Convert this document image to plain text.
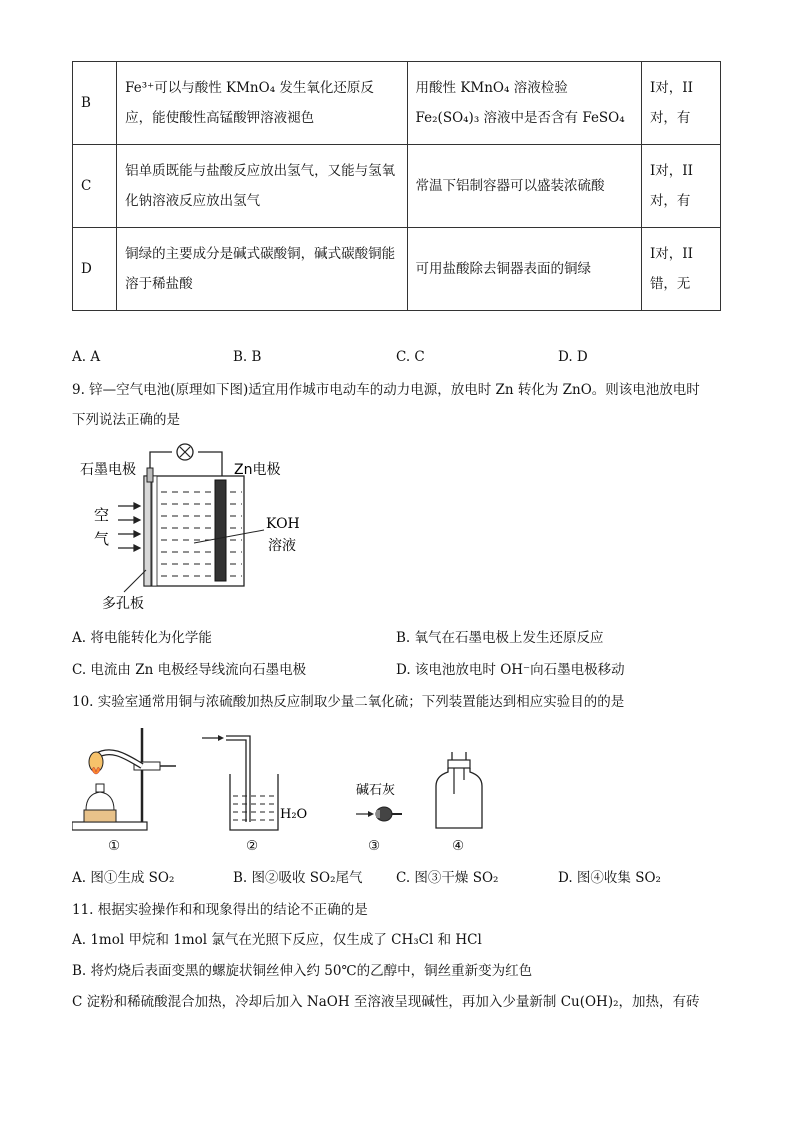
B	Fe³⁺可以与酸性 KMnO₄ 发生氧化还原反应，能使酸性高锰酸钾溶液褪色	用酸性 KMnO₄ 溶液检验 Fe₂(SO₄)₃ 溶液中是否含有 FeSO₄	I对，II对，有
C	铝单质既能与盐酸反应放出氢气，又能与氢氧化钠溶液反应放出氢气	常温下铝制容器可以盛装浓硫酸	I对，II对，有
D	铜绿的主要成分是碱式碳酸铜，碱式碳酸铜能溶于稀盐酸	可用盐酸除去铜器表面的铜绿	I对，II错，无
A. A	B. B	C. C	D. D
9. 锌—空气电池(原理如下图)适宜用作城市电动车的动力电源，放电时 Zn 转化为 ZnO。则该电池放电时
下列说法正确的是
石墨电极	Zn电极
空
气
KOH
溶液
多孔板
A. 将电能转化为化学能	B. 氧气在石墨电极上发生还原反应
C. 电流由 Zn 电极经导线流向石墨电极	D. 该电池放电时 OH⁻向石墨电极移动
10. 实验室通常用铜与浓硫酸加热反应制取少量二氧化硫；下列装置能达到相应实验目的的是
H₂O
碱石灰
①	②	③	④
A. 图①生成 SO₂	B. 图②吸收 SO₂尾气 C. 图③干燥 SO₂	D. 图④收集 SO₂
11. 根据实验操作和和现象得出的结论不正确的是
A. 1mol 甲烷和 1mol 氯气在光照下反应，仅生成了 CH₃Cl 和 HCl
B. 将灼烧后表面变黑的螺旋状铜丝伸入约 50℃的乙醇中，铜丝重新变为红色
C 淀粉和稀硫酸混合加热，冷却后加入 NaOH 至溶液呈现碱性，再加入少量新制 Cu(OH)₂，加热，有砖
